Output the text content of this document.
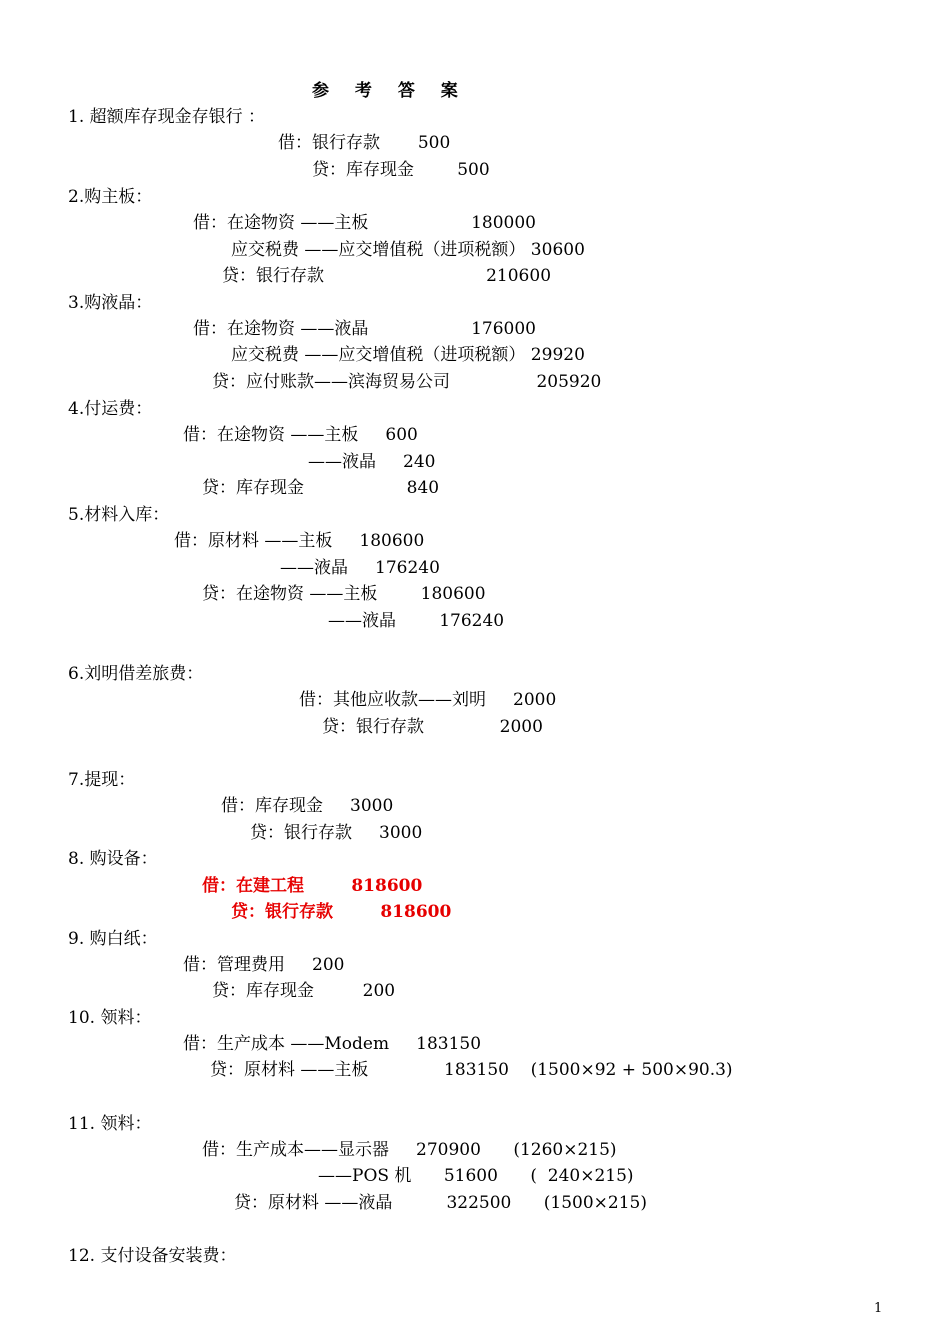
参 考 答 案
1. 超额库存现金存银行 ：
借：银行存款       500
贷：库存现金        500
2.购主板：
借：在途物资 ——主板                   180000
应交税费 ——应交增值税（进项税额） 30600
贷：银行存款                              210600
3.购液晶：
借：在途物资 ——液晶                   176000
应交税费 ——应交增值税（进项税额） 29920
贷：应付账款——滨海贸易公司                205920
4.付运费：
借：在途物资 ——主板     600
——液晶     240
贷：库存现金                   840
5.材料入库：
借：原材料 ——主板     180600
——液晶     176240
贷：在途物资 ——主板        180600
——液晶        176240
6.刘明借差旅费：
借：其他应收款——刘明     2000
贷：银行存款              2000
7.提现：
借：库存现金     3000
贷：银行存款     3000
8. 购设备：
借：在建工程        818600
贷：银行存款        818600
9. 购白纸：
借：管理费用     200
贷：库存现金         200
10. 领料：
借：生产成本 ——Modem     183150
贷：原材料 ——主板              183150    (1500×92 + 500×90.3)
11. 领料：
借：生产成本——显示器     270900      (1260×215)
——POS 机      51600      (  240×215)
贷：原材料 ——液晶          322500      (1500×215)
12. 支付设备安装费：
1
